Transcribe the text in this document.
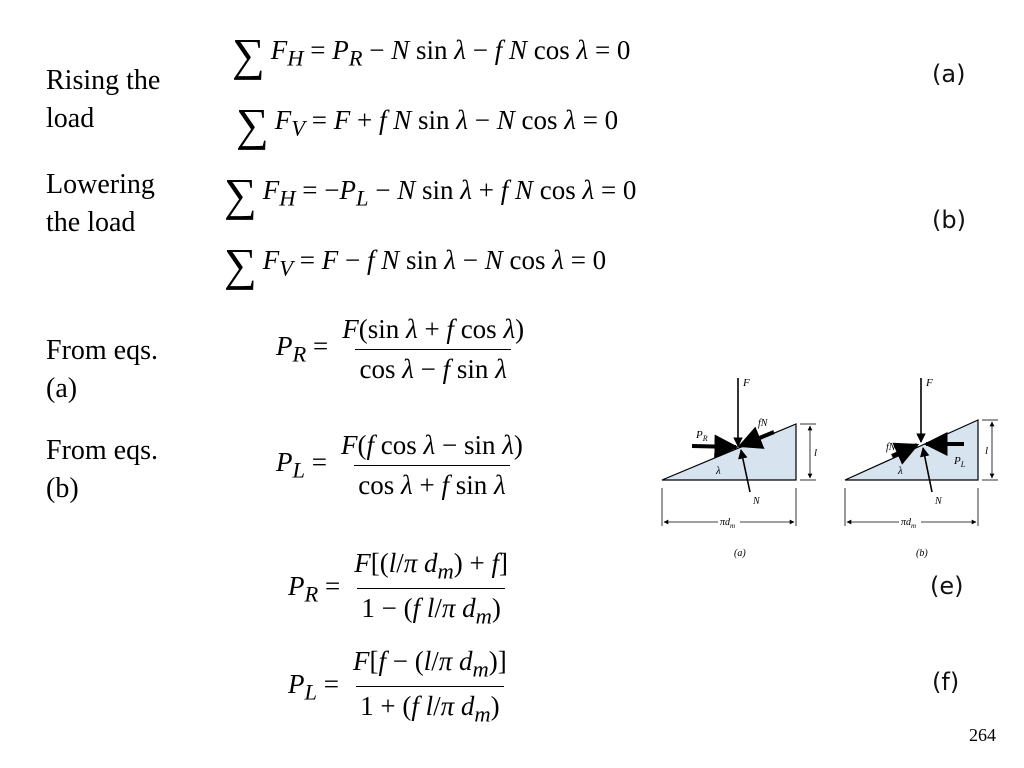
Rising the
load
Lowering
the load
From eqs.
(a)
From eqs.
(b)
∑ $F_H = P_R - N$ sin λ − f N cos λ = 0
∑ $F_V = F + f$ N sin λ − N cos λ = 0
(a)
∑ $F_H = -P_L - N$ sin λ + f N cos λ = 0
∑ $F_V = F - f$ N sin λ − N cos λ = 0
(b)
$P_R = \frac{\text{F(sin λ + f cos λ)}}{\text{cos λ − f sin λ}}$
$P_L = \frac{\text{F(f cos λ − sin λ)}}{\text{cos λ + f sin λ}}$
$P_R = \frac{F[(l/\pi d_m) + f]}{1 - (f l/\pi d_m)}$	(e)
$P_L = \frac{F[f - (l/\pi d_m)]}{1 + (f l/\pi d_m)}$	(f)
F
$P_R$
fN
λ
N
l
$\pi d_m$
(a)
F
fN
$P_L$
λ
N
l
$\pi d_m$
(b)
264
